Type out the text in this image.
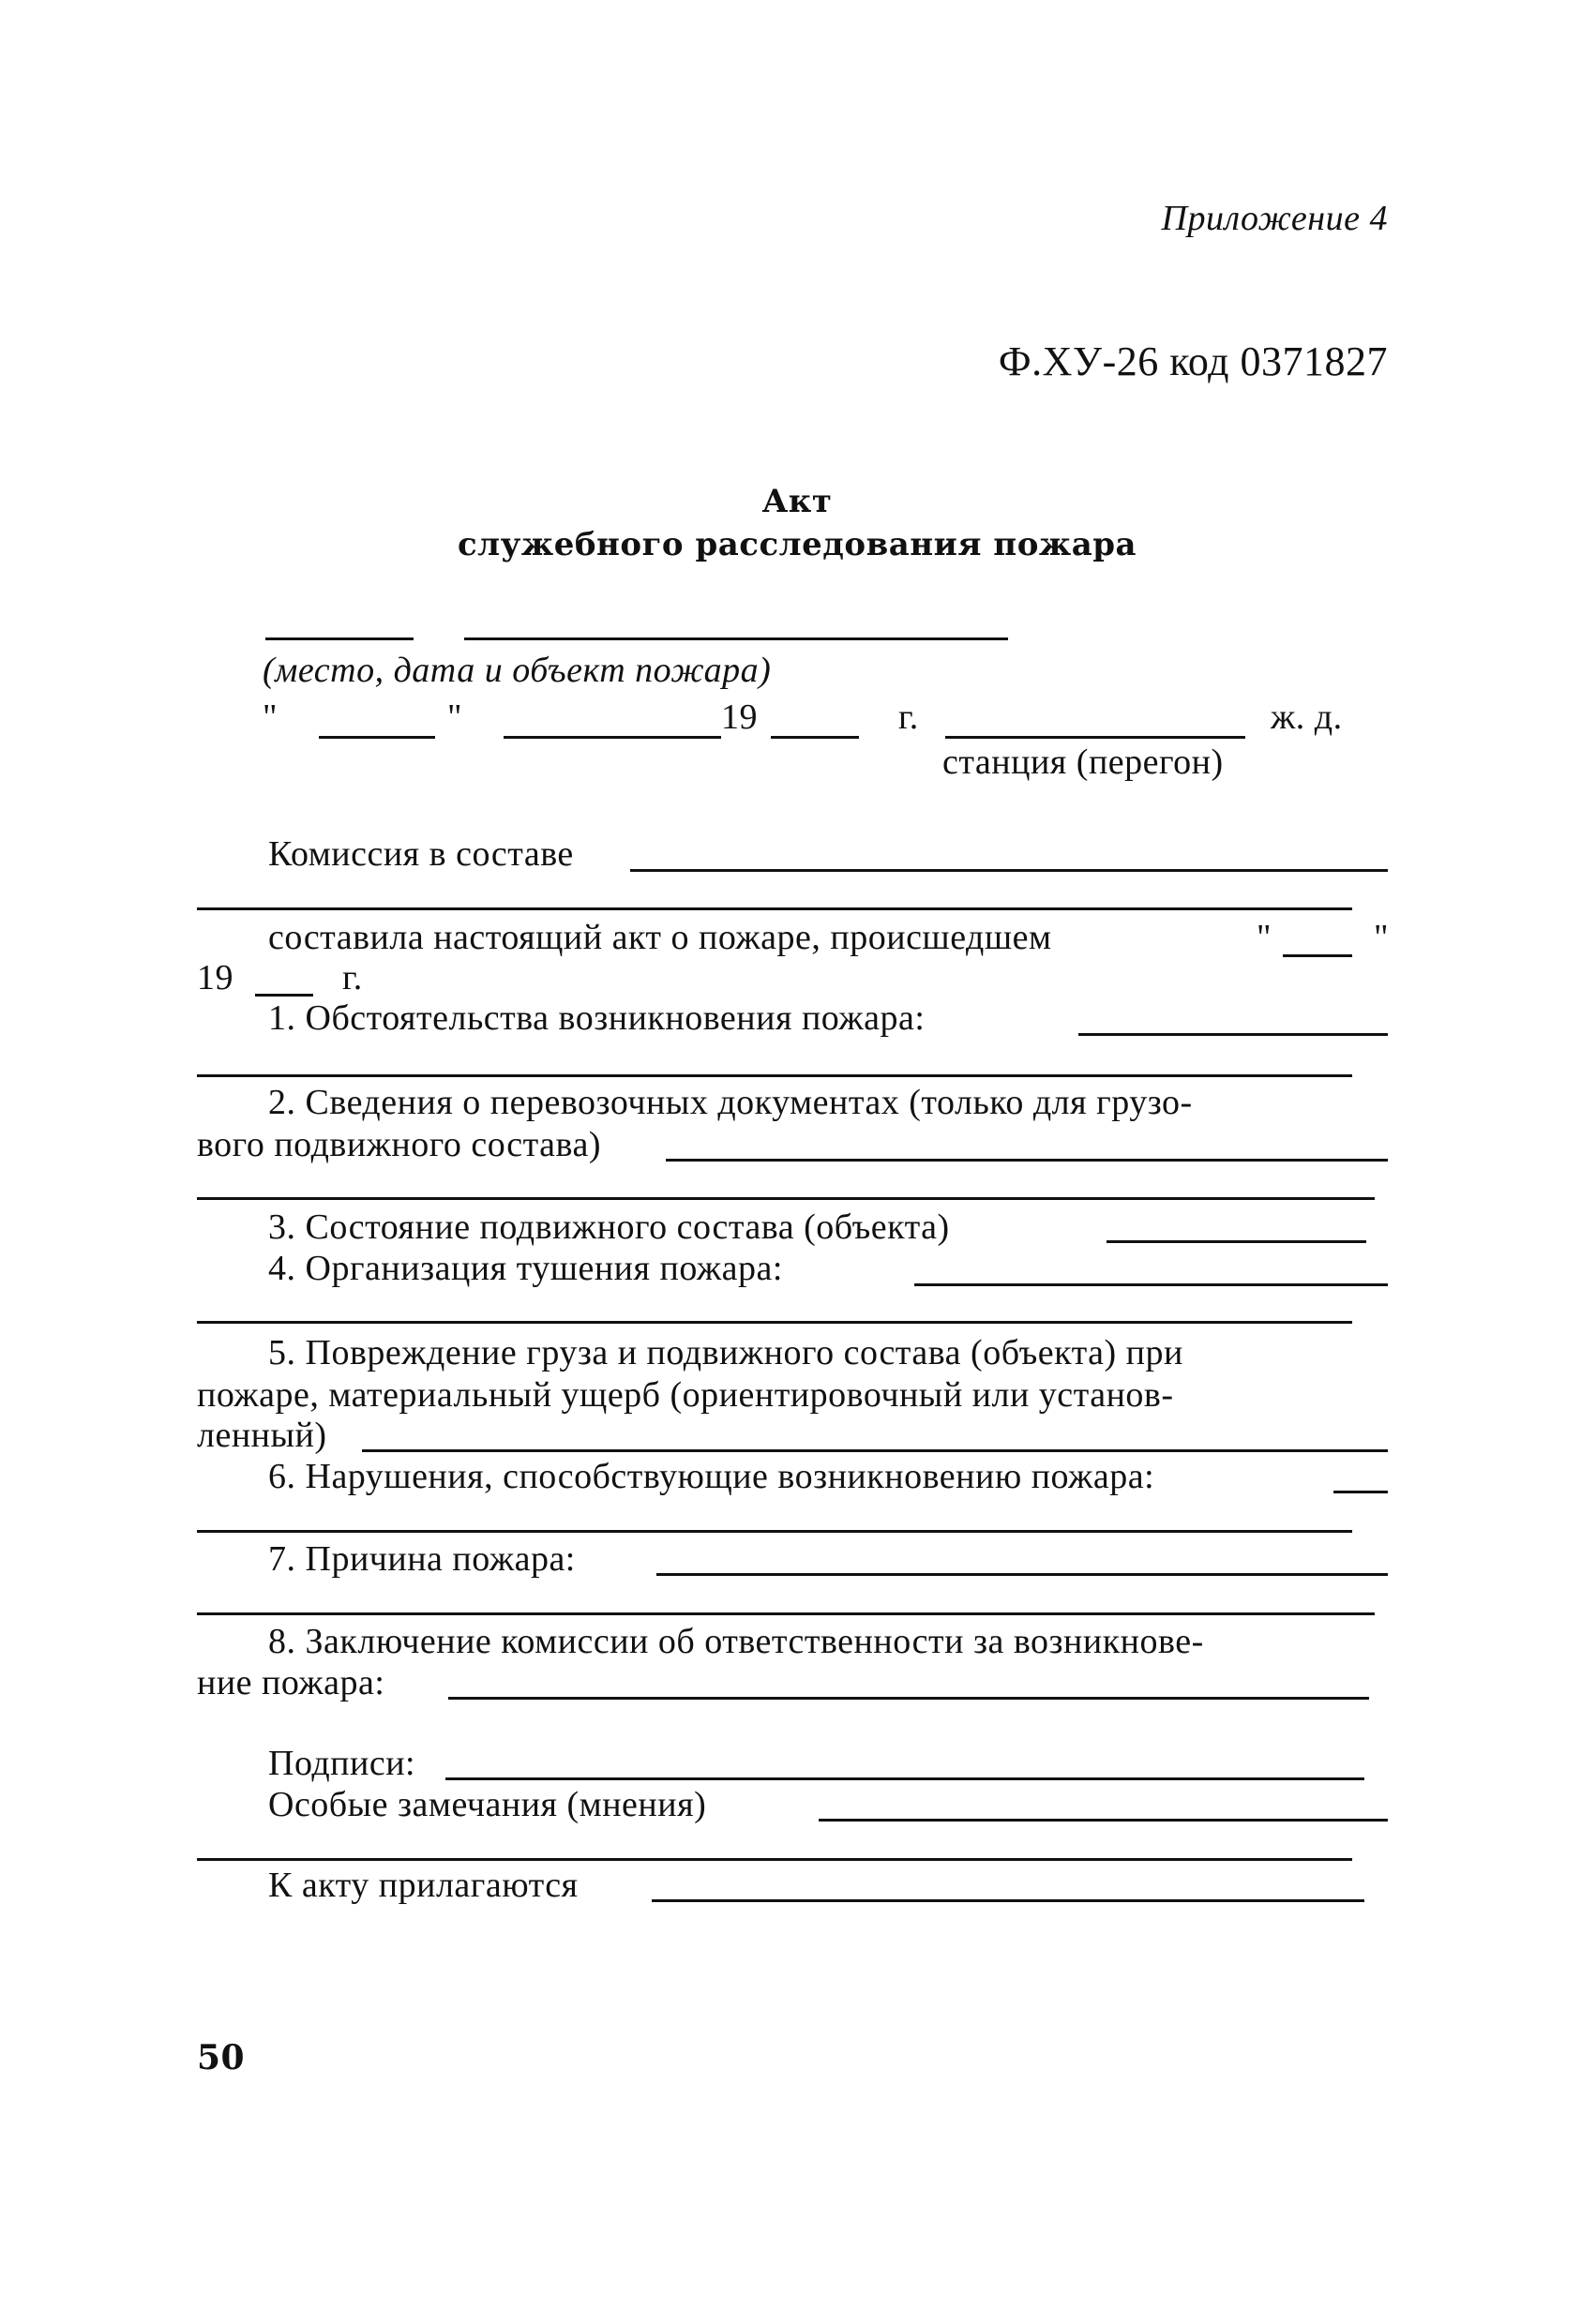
Приложение 4
Ф.ХУ-26 код 0371827
Акт
служебного расследования пожара
(место, дата и объект пожара)
"	"	19	г.	ж. д.
станция (перегон)
Комиссия в составе
составила настоящий акт о пожаре, происшедшем	"	"
19	г.
1. Обстоятельства возникновения пожара:
2. Сведения о перевозочных документах (только для грузо-
вого подвижного состава)
3. Состояние подвижного состава (объекта)
4. Организация тушения пожара:
5. Повреждение груза и подвижного состава (объекта) при
пожаре, материальный ущерб (ориентировочный или установ-
ленный)
6. Нарушения, способствующие возникновению пожара:
7. Причина пожара:
8. Заключение комиссии об ответственности за возникнове-
ние пожара:
Подписи:
Особые замечания (мнения)
К акту прилагаются
50
